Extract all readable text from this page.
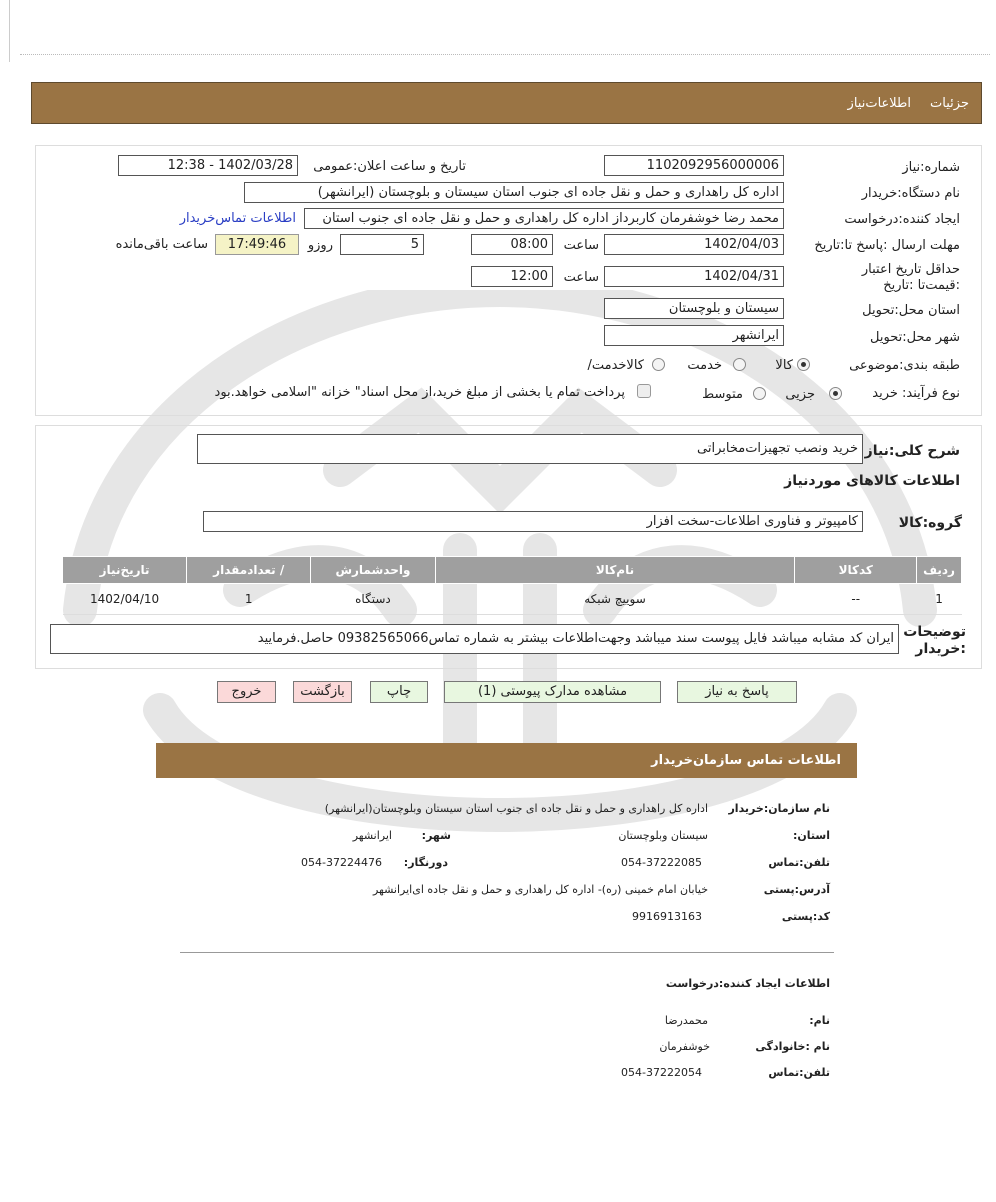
جزئیات
اطلاعات‌نیاز
شماره:نیاز
1102092956000006
تاریخ و ساعت اعلان:عمومی
1402/03/28 - 12:38
نام دستگاه:خریدار
اداره کل راهداری و حمل و نقل جاده ای جنوب استان سیستان و بلوچستان (ایرانشهر)
ایجاد کننده:درخواست
محمد رضا خوشفرمان کاربرداز اداره کل راهداری و حمل و نقل جاده ای جنوب استان
اطلاعات تماس‌خریدار
مهلت ارسال :پاسخ تا:تاریخ
1402/04/03
ساعت
08:00
5
روزو
17:49:46
ساعت باقی‌مانده
حداقل تاریخ اعتبار :قیمت‌تا :تاریخ
1402/04/31
ساعت
12:00
استان محل:تحویل
سیستان و بلوچستان
شهر محل:تحویل
ایرانشهر
طبقه بندی:موضوعی
کالا
خدمت
/کالاخدمت
نوع فرآیند: خرید
جزیی
متوسط
پرداخت تمام یا بخشی از مبلغ خرید،از محل اسناد" خزانه "اسلامی خواهد.بود
شرح کلی:نیاز
خرید ونصب تجهیزات‌مخابراتی
اطلاعات کالاهای موردنیاز
گروه:کالا
کامپیوتر و فناوری اطلاعات-سخت افزار
ردیف	کدکالا	نام‌کالا	واحدشمارش	/ تعدادمقدار	تاریخ‌نیاز
1	--	سوییچ شبکه	دستگاه	1	1402/04/10
توضیحات :خریدار
ایران کد مشابه میباشد فایل پیوست سند میباشد وجهت‌اطلاعات بیشتر به شماره تماس09382565066 حاصل.فرمایید
پاسخ به نیاز
مشاهده مدارک پیوستی (1)
چاپ
بازگشت
خروج
اطلاعات تماس سازمان‌خریدار
نام سازمان:خریدار
اداره کل راهداری و حمل و نقل جاده ای جنوب استان سیستان وبلوچستان(ایرانشهر)
:استان
سیستان وبلوچستان
:شهر
ایرانشهر
تلفن:تماس
054-37222085
:دورنگار
054-37224476
آدرس:پستی
خیابان امام خمینی (ره)- اداره کل راهداری و حمل و نقل جاده ای‌ایرانشهر
کد:پستی
9916913163
اطلاعات ایجاد کننده:درخواست
:نام
محمدرضا
نام :خانوادگی
خوشفرمان
تلفن:تماس
054-37222054
